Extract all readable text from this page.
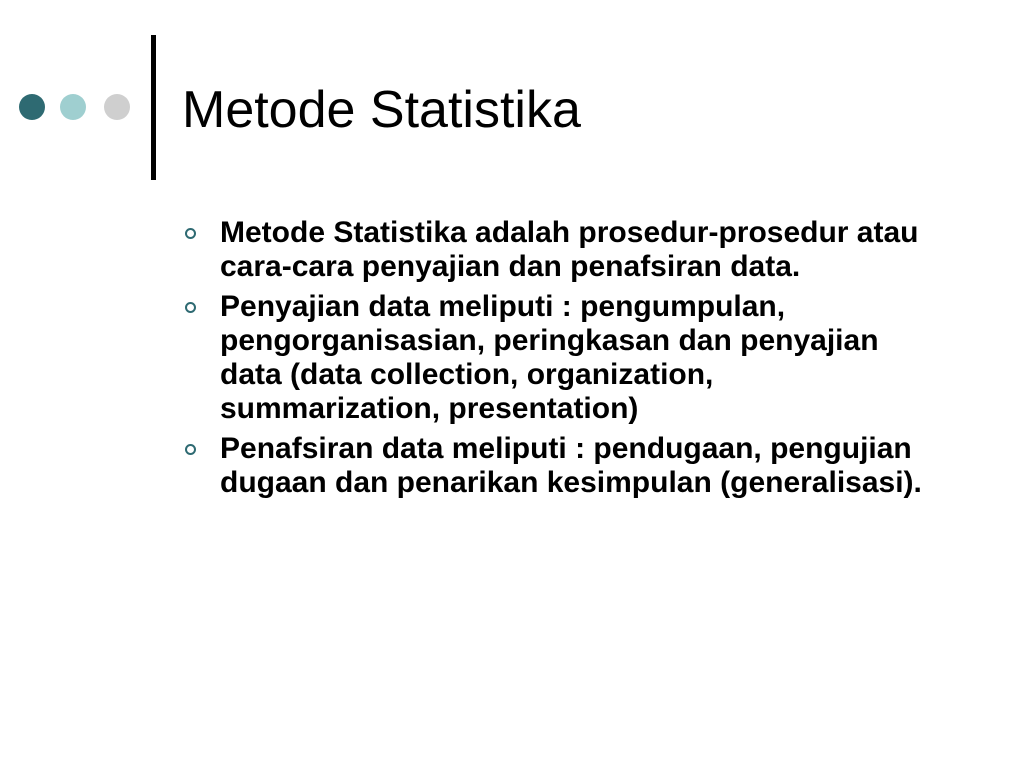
Metode Statistika
Metode Statistika adalah prosedur-prosedur atau cara-cara penyajian dan penafsiran data.
Penyajian data meliputi : pengumpulan, pengorganisasian, peringkasan dan penyajian data (data collection, organization, summarization, presentation)
Penafsiran data meliputi : pendugaan, pengujian dugaan dan penarikan kesimpulan (generalisasi).
